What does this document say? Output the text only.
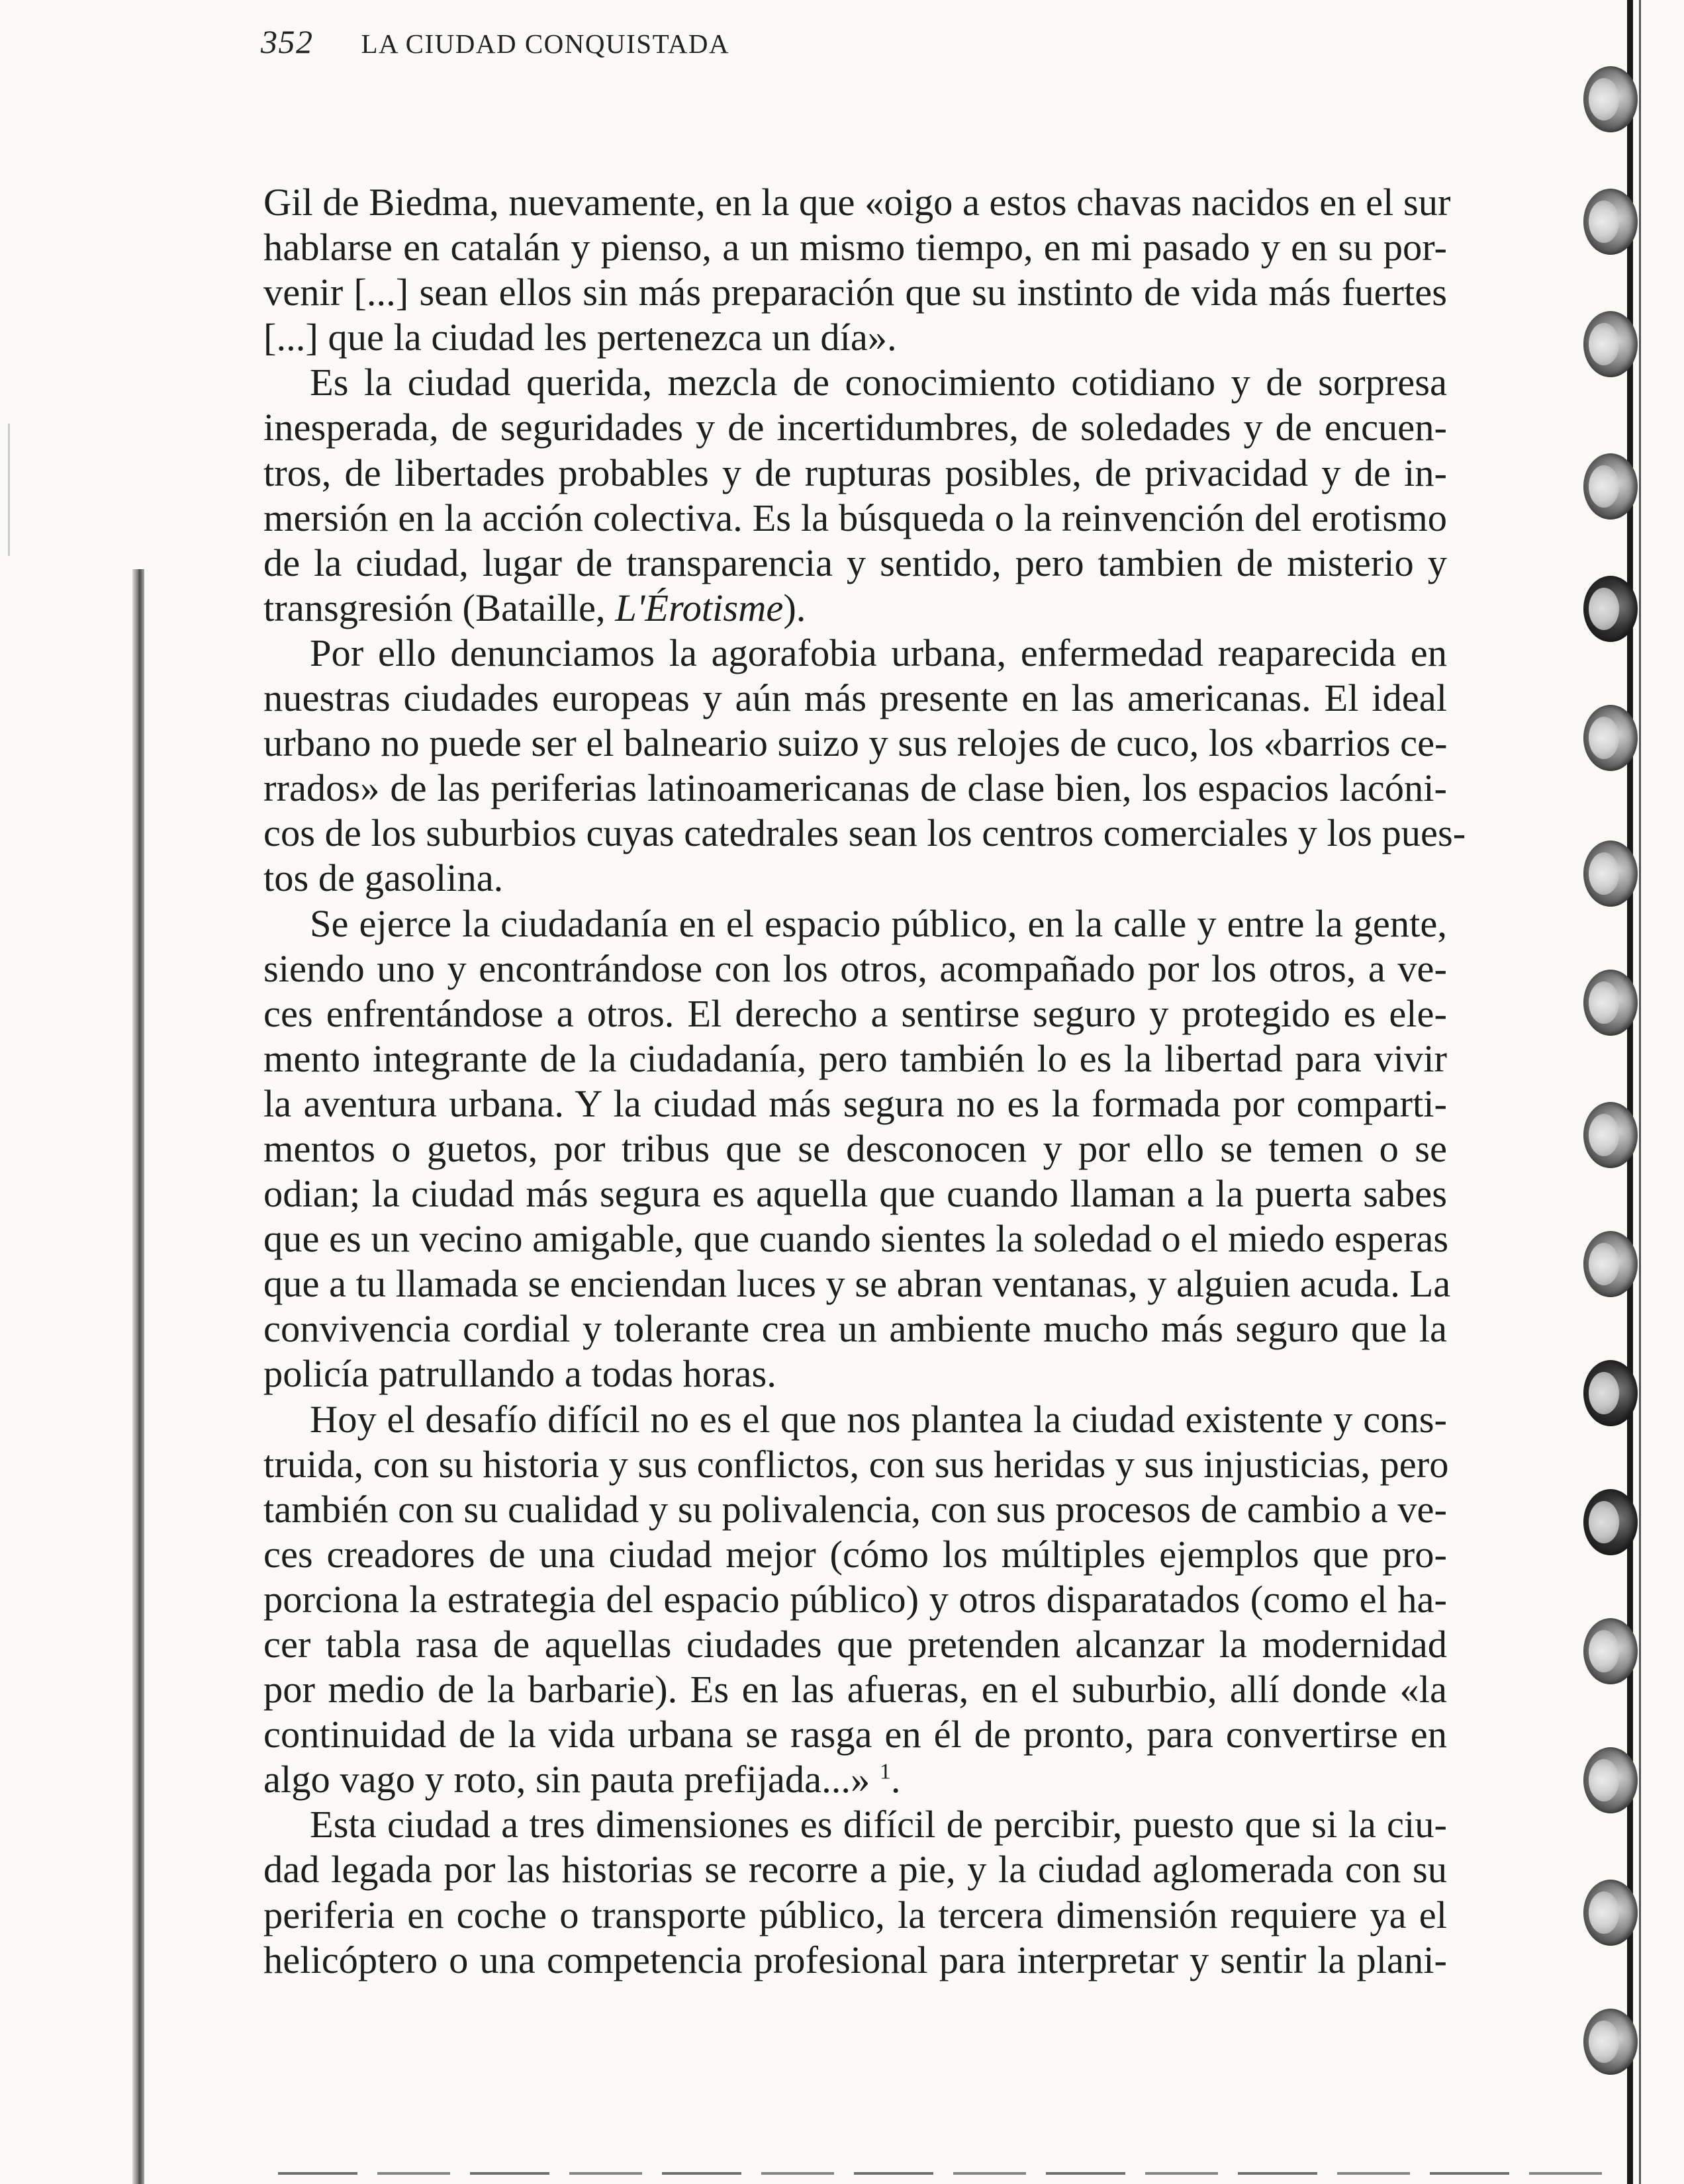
352 LA CIUDAD CONQUISTADA
Gil de Biedma, nuevamente, en la que «oigo a estos chavas nacidos en el sur
hablarse en catalán y pienso, a un mismo tiempo, en mi pasado y en su por-
venir [...] sean ellos sin más preparación que su instinto de vida más fuertes
[...] que la ciudad les pertenezca un día».
Es la ciudad querida, mezcla de conocimiento cotidiano y de sorpresa
inesperada, de seguridades y de incertidumbres, de soledades y de encuen-
tros, de libertades probables y de rupturas posibles, de privacidad y de in-
mersión en la acción colectiva. Es la búsqueda o la reinvención del erotismo
de la ciudad, lugar de transparencia y sentido, pero tambien de misterio y
transgresión (Bataille, L'Érotisme).
Por ello denunciamos la agorafobia urbana, enfermedad reaparecida en
nuestras ciudades europeas y aún más presente en las americanas. El ideal
urbano no puede ser el balneario suizo y sus relojes de cuco, los «barrios ce-
rrados» de las periferias latinoamericanas de clase bien, los espacios lacóni-
cos de los suburbios cuyas catedrales sean los centros comerciales y los pues-
tos de gasolina.
Se ejerce la ciudadanía en el espacio público, en la calle y entre la gente,
siendo uno y encontrándose con los otros, acompañado por los otros, a ve-
ces enfrentándose a otros. El derecho a sentirse seguro y protegido es ele-
mento integrante de la ciudadanía, pero también lo es la libertad para vivir
la aventura urbana. Y la ciudad más segura no es la formada por comparti-
mentos o guetos, por tribus que se desconocen y por ello se temen o se
odian; la ciudad más segura es aquella que cuando llaman a la puerta sabes
que es un vecino amigable, que cuando sientes la soledad o el miedo esperas
que a tu llamada se enciendan luces y se abran ventanas, y alguien acuda. La
convivencia cordial y tolerante crea un ambiente mucho más seguro que la
policía patrullando a todas horas.
Hoy el desafío difícil no es el que nos plantea la ciudad existente y cons-
truida, con su historia y sus conflictos, con sus heridas y sus injusticias, pero
también con su cualidad y su polivalencia, con sus procesos de cambio a ve-
ces creadores de una ciudad mejor (cómo los múltiples ejemplos que pro-
porciona la estrategia del espacio público) y otros disparatados (como el ha-
cer tabla rasa de aquellas ciudades que pretenden alcanzar la modernidad
por medio de la barbarie). Es en las afueras, en el suburbio, allí donde «la
continuidad de la vida urbana se rasga en él de pronto, para convertirse en
algo vago y roto, sin pauta prefijada...» $^1$.
Esta ciudad a tres dimensiones es difícil de percibir, puesto que si la ciu-
dad legada por las historias se recorre a pie, y la ciudad aglomerada con su
periferia en coche o transporte público, la tercera dimensión requiere ya el
helicóptero o una competencia profesional para interpretar y sentir la plani-
